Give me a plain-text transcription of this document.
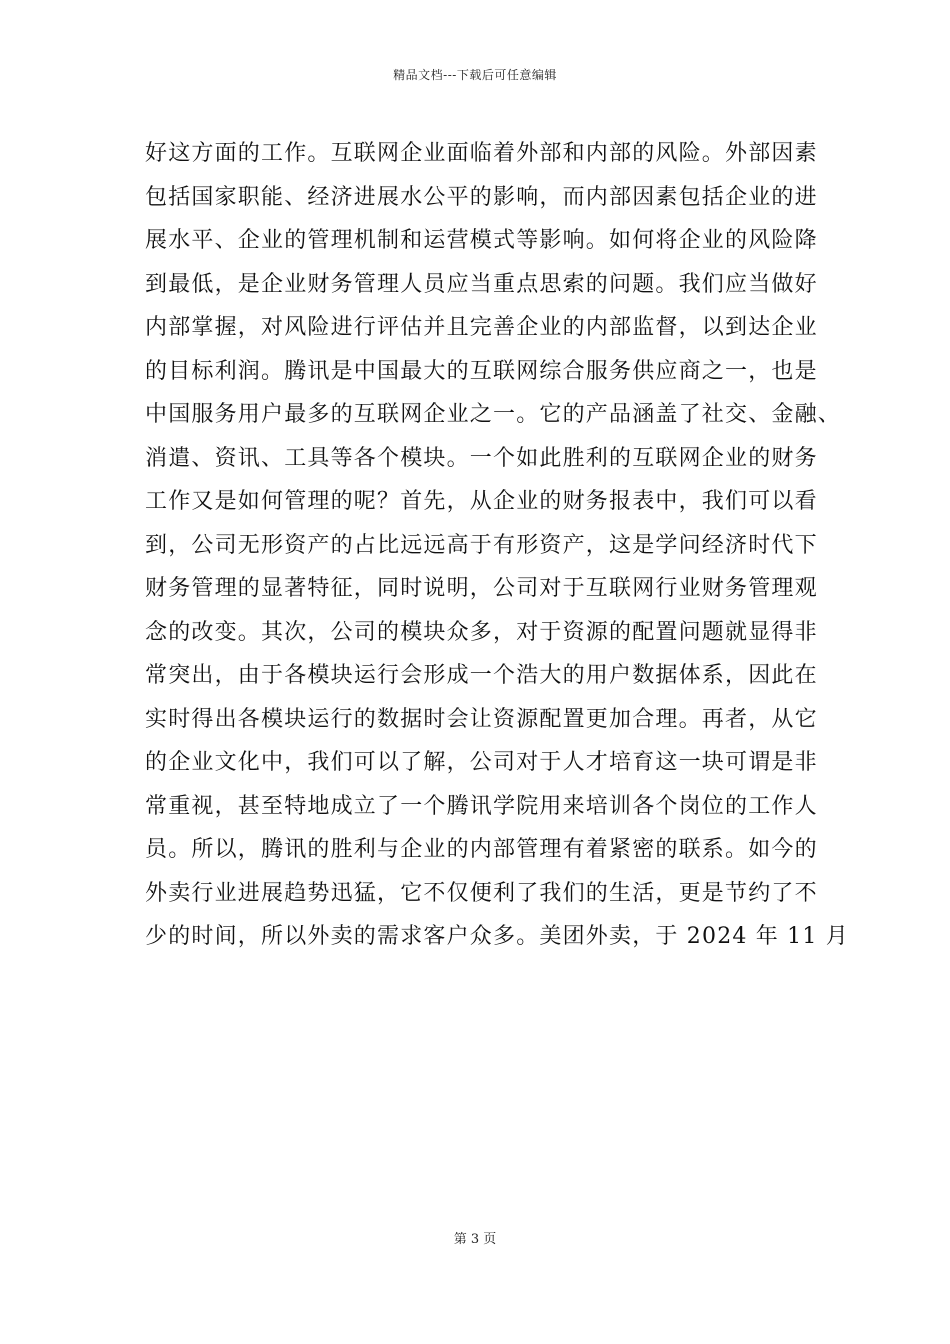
精品文档---下载后可任意编辑
好这方面的工作。互联网企业面临着外部和内部的风险。外部因素
包括国家职能、经济进展水公平的影响，而内部因素包括企业的进
展水平、企业的管理机制和运营模式等影响。如何将企业的风险降
到最低，是企业财务管理人员应当重点思索的问题。我们应当做好
内部掌握，对风险进行评估并且完善企业的内部监督，以到达企业
的目标利润。腾讯是中国最大的互联网综合服务供应商之一，也是
中国服务用户最多的互联网企业之一。它的产品涵盖了社交、金融、
消遣、资讯、工具等各个模块。一个如此胜利的互联网企业的财务
工作又是如何管理的呢？首先，从企业的财务报表中，我们可以看
到，公司无形资产的占比远远高于有形资产，这是学问经济时代下
财务管理的显著特征，同时说明，公司对于互联网行业财务管理观
念的改变。其次，公司的模块众多，对于资源的配置问题就显得非
常突出，由于各模块运行会形成一个浩大的用户数据体系，因此在
实时得出各模块运行的数据时会让资源配置更加合理。再者，从它
的企业文化中，我们可以了解，公司对于人才培育这一块可谓是非
常重视，甚至特地成立了一个腾讯学院用来培训各个岗位的工作人
员。所以，腾讯的胜利与企业的内部管理有着紧密的联系。如今的
外卖行业进展趋势迅猛，它不仅便利了我们的生活，更是节约了不
少的时间，所以外卖的需求客户众多。美团外卖，于 2024 年 11 月
第 3 页
